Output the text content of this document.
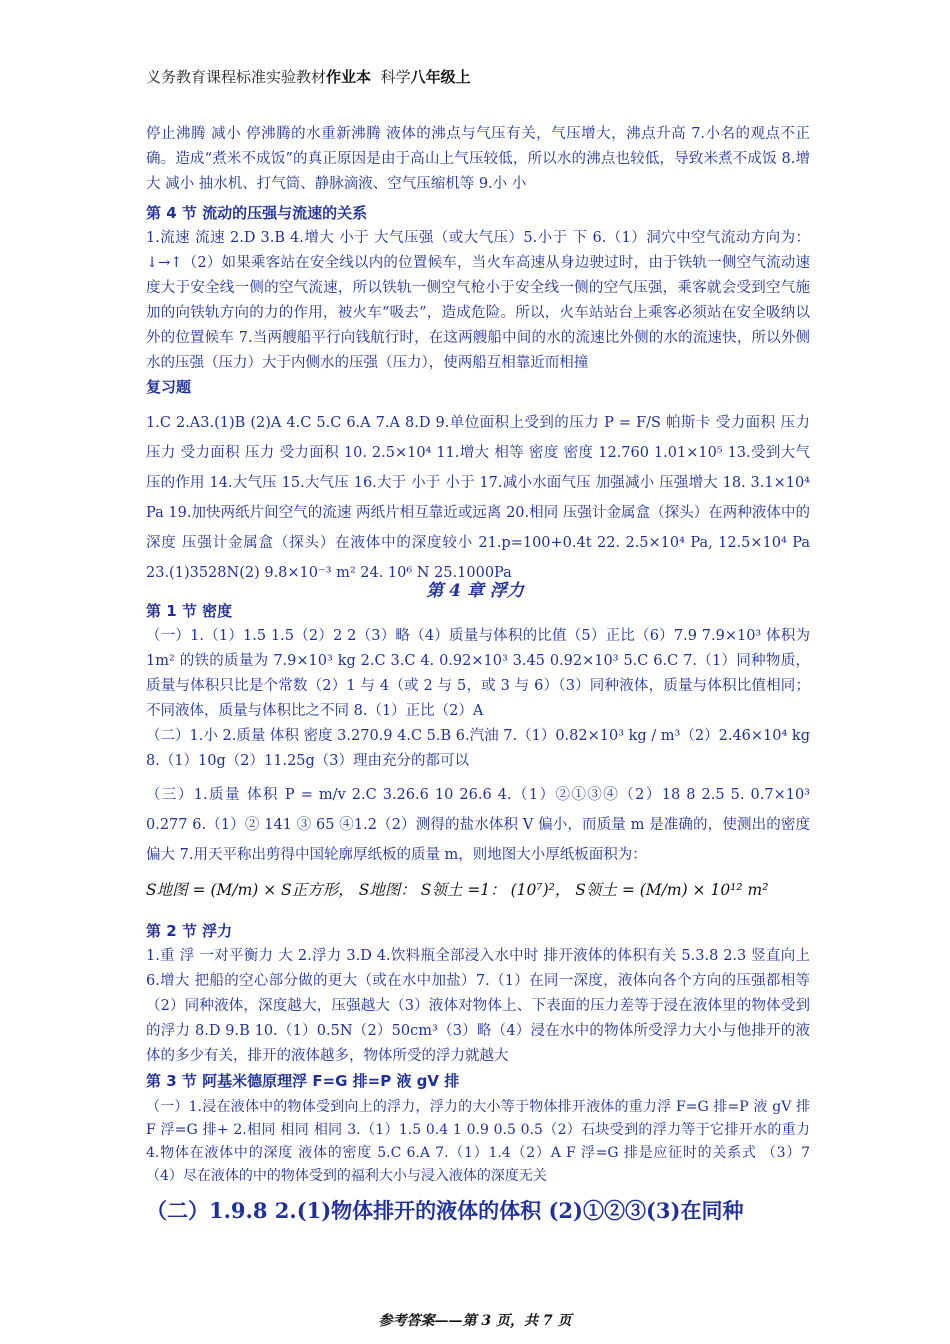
义务教育课程标准实验教材作业本 科学八年级上
停止沸腾 减小 停沸腾的水重新沸腾 液体的沸点与气压有关，气压增大，沸点升高 7.小名的观点不正确。造成“煮米不成饭”的真正原因是由于高山上气压较低，所以水的沸点也较低，导致米煮不成饭 8.增大 减小 抽水机、打气筒、静脉滴液、空气压缩机等 9.小 小
第 4 节 流动的压强与流速的关系
1.流速 流速 2.D 3.B 4.增大 小于 大气压强（或大气压）5.小于 下 6.（1）洞穴中空气流动方向为：↓→↑（2）如果乘客站在安全线以内的位置候车，当火车高速从身边驶过时，由于铁轨一侧空气流动速度大于安全线一侧的空气流速，所以铁轨一侧空气枪小于安全线一侧的空气压强，乘客就会受到空气施加的向铁轨方向的力的作用，被火车“吸去”，造成危险。所以，火车站站台上乘客必须站在安全吸纳以外的位置候车 7.当两艘船平行向钱航行时，在这两艘船中间的水的流速比外侧的水的流速快，所以外侧水的压强（压力）大于内侧水的压强（压力），使两船互相靠近而相撞
复习题
1.C 2.A3.(1)B (2)A 4.C 5.C 6.A 7.A 8.D 9.单位面积上受到的压力 P = F/S 帕斯卡 受力面积 压力 压力 受力面积 压力 受力面积 10. 2.5×10⁴ 11.增大 相等 密度 密度 12.760 1.01×10⁵ 13.受到大气压的作用 14.大气压 15.大气压 16.大于 小于 小于 17.减小水面气压 加强减小 压强增大 18. 3.1×10⁴ Pa 19.加快两纸片间空气的流速 两纸片相互靠近或远离 20.相同 压强计金属盒（探头）在两种液体中的深度 压强计金属盒（探头）在液体中的深度较小 21.p=100+0.4t 22. 2.5×10⁴ Pa, 12.5×10⁴ Pa 23.(1)3528N(2) 9.8×10⁻³ m² 24. 10⁶ N 25.1000Pa
第 4 章 浮力
第 1 节 密度
（一）1.（1）1.5 1.5（2）2 2（3）略（4）质量与体积的比值（5）正比（6）7.9 7.9×10³ 体积为 1m² 的铁的质量为 7.9×10³ kg 2.C 3.C 4. 0.92×10³ 3.45 0.92×10³ 5.C 6.C 7.（1）同种物质，质量与体积只比是个常数（2）1 与 4（或 2 与 5，或 3 与 6）（3）同种液体，质量与体积比值相同；不同液体，质量与体积比之不同 8.（1）正比（2）A
（二）1.小 2.质量 体积 密度 3.270.9 4.C 5.B 6.汽油 7.（1）0.82×10³ kg / m³（2）2.46×10⁴ kg 8.（1）10g（2）11.25g（3）理由充分的都可以
（三）1.质量 体积 P = m/v 2.C 3.26.6 10 26.6 4.（1）②①③④（2）18 8 2.5 5. 0.7×10³ 0.277 6.（1）② 141 ③ 65 ④1.2（2）测得的盐水体积 V 偏小，而质量 m 是准确的，使测出的密度偏大 7.用天平称出剪得中国轮廓厚纸板的质量 m，则地图大小厚纸板面积为：
S地图 = (M/m) × S正方形， S地图： S领土 =1： (10⁷)²， S领土 = (M/m) × 10¹² m²
第 2 节 浮力
1.重 浮 一对平衡力 大 2.浮力 3.D 4.饮料瓶全部浸入水中时 排开液体的体积有关 5.3.8 2.3 竖直向上 6.增大 把船的空心部分做的更大（或在水中加盐）7.（1）在同一深度，液体向各个方向的压强都相等（2）同种液体，深度越大，压强越大（3）液体对物体上、下表面的压力差等于浸在液体里的物体受到的浮力 8.D 9.B 10.（1）0.5N（2）50cm³（3）略（4）浸在水中的物体所受浮力大小与他排开的液体的多少有关，排开的液体越多，物体所受的浮力就越大
第 3 节 阿基米德原理浮 F=G 排=P 液 gV 排
（一）1.浸在液体中的物体受到向上的浮力，浮力的大小等于物体排开液体的重力浮 F=G 排=P 液 gV 排 F 浮=G 排+ 2.相同 相同 相同 3.（1）1.5 0.4 1 0.9 0.5 0.5（2）石块受到的浮力等于它排开水的重力 4.物体在液体中的深度 液体的密度 5.C 6.A 7.（1）1.4（2）A F 浮=G 排是应征时的关系式 （3）7 （4）尽在液体的中的物体受到的福利大小与浸入液体的深度无关
（二）1.9.8 2.(1)物体排开的液体的体积 (2)①②③(3)在同种
参考答案——第 3 页，共 7 页
